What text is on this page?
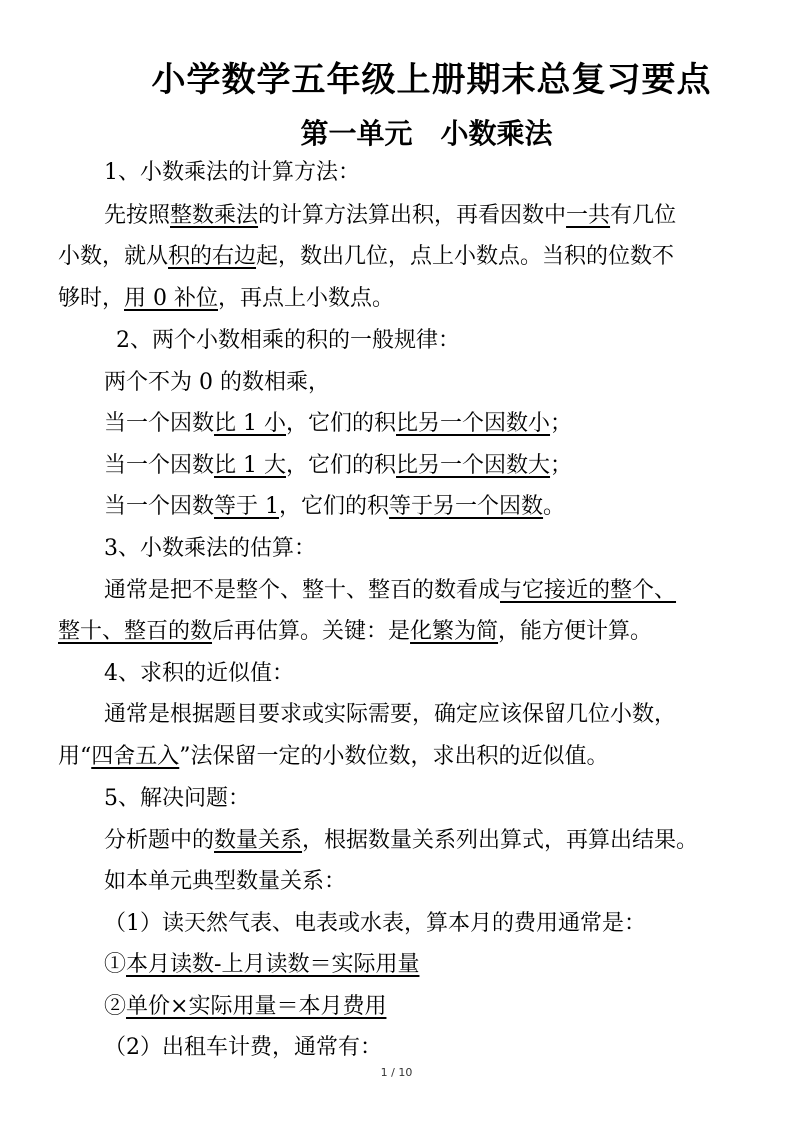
小学数学五年级上册期末总复习要点
第一单元　小数乘法
1、小数乘法的计算方法：
先按照整数乘法的计算方法算出积，再看因数中一共有几位
小数，就从积的右边起，数出几位，点上小数点。当积的位数不
够时，用 0 补位，再点上小数点。
2、两个小数相乘的积的一般规律：
两个不为 0 的数相乘，
当一个因数比 1 小，它们的积比另一个因数小；
当一个因数比 1 大，它们的积比另一个因数大；
当一个因数等于 1，它们的积等于另一个因数。
3、小数乘法的估算：
通常是把不是整个、整十、整百的数看成与它接近的整个、
整十、整百的数后再估算。关键：是化繁为简，能方便计算。
4、求积的近似值：
通常是根据题目要求或实际需要，确定应该保留几位小数，
用“四舍五入”法保留一定的小数位数，求出积的近似值。
5、解决问题：
分析题中的数量关系，根据数量关系列出算式，再算出结果。
如本单元典型数量关系：
（1）读天然气表、电表或水表，算本月的费用通常是：
①本月读数-上月读数＝实际用量
②单价×实际用量＝本月费用
（2）出租车计费，通常有：
1 / 10
